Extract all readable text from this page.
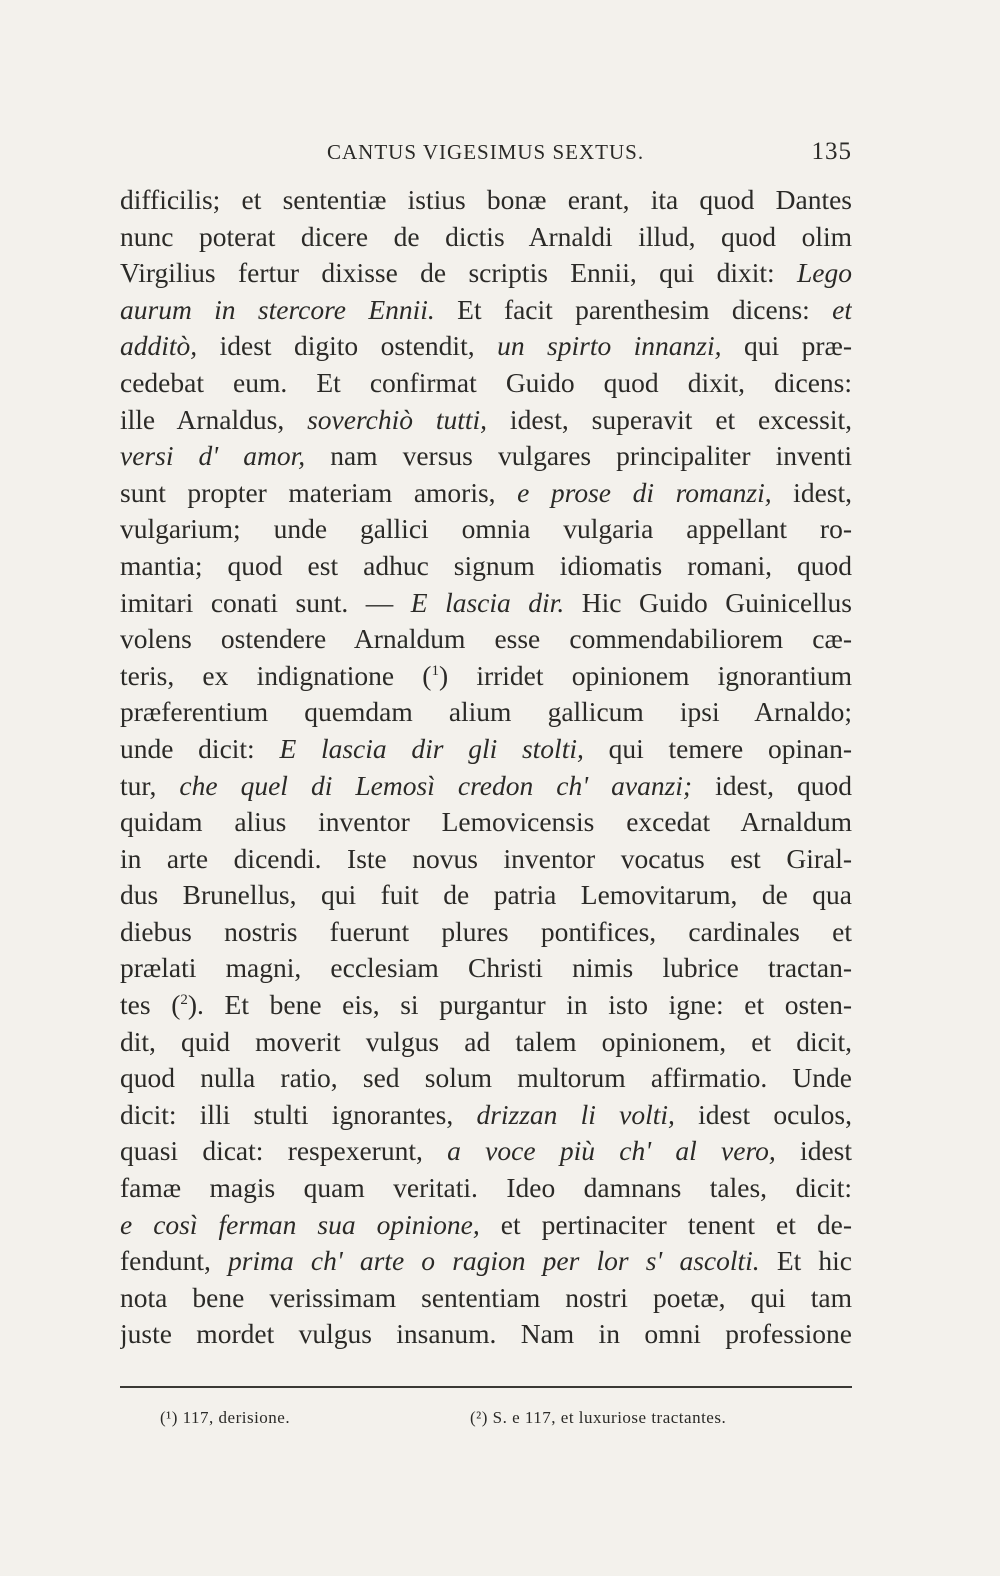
CANTUS VIGESIMUS SEXTUS.	135
difficilis; et sententiæ istius bonæ erant, ita quod Dantes
nunc poterat dicere de dictis Arnaldi illud, quod olim
Virgilius fertur dixisse de scriptis Ennii, qui dixit: Lego
aurum in stercore Ennii. Et facit parenthesim dicens: et
additò, idest digito ostendit, un spirto innanzi, qui præ-
cedebat eum. Et confirmat Guido quod dixit, dicens:
ille Arnaldus, soverchiò tutti, idest, superavit et excessit,
versi d' amor, nam versus vulgares principaliter inventi
sunt propter materiam amoris, e prose di romanzi, idest,
vulgarium; unde gallici omnia vulgaria appellant ro-
mantia; quod est adhuc signum idiomatis romani, quod
imitari conati sunt. — E lascia dir. Hic Guido Guinicellus
volens ostendere Arnaldum esse commendabiliorem cæ-
teris, ex indignatione ($^1$) irridet opinionem ignorantium
præferentium quemdam alium gallicum ipsi Arnaldo;
unde dicit: E lascia dir gli stolti, qui temere opinan-
tur, che quel di Lemosì credon ch' avanzi; idest, quod
quidam alius inventor Lemovicensis excedat Arnaldum
in arte dicendi. Iste novus inventor vocatus est Giral-
dus Brunellus, qui fuit de patria Lemovitarum, de qua
diebus nostris fuerunt plures pontifices, cardinales et
prælati magni, ecclesiam Christi nimis lubrice tractan-
tes ($^2$). Et bene eis, si purgantur in isto igne: et osten-
dit, quid moverit vulgus ad talem opinionem, et dicit,
quod nulla ratio, sed solum multorum affirmatio. Unde
dicit: illi stulti ignorantes, drizzan li volti, idest oculos,
quasi dicat: respexerunt, a voce più ch' al vero, idest
famæ magis quam veritati. Ideo damnans tales, dicit:
e così ferman sua opinione, et pertinaciter tenent et de-
fendunt, prima ch' arte o ragion per lor s' ascolti. Et hic
nota bene verissimam sententiam nostri poetæ, qui tam
juste mordet vulgus insanum. Nam in omni professione
(¹) 117, derisione.	(²) S. e 117, et luxuriose tractantes.
